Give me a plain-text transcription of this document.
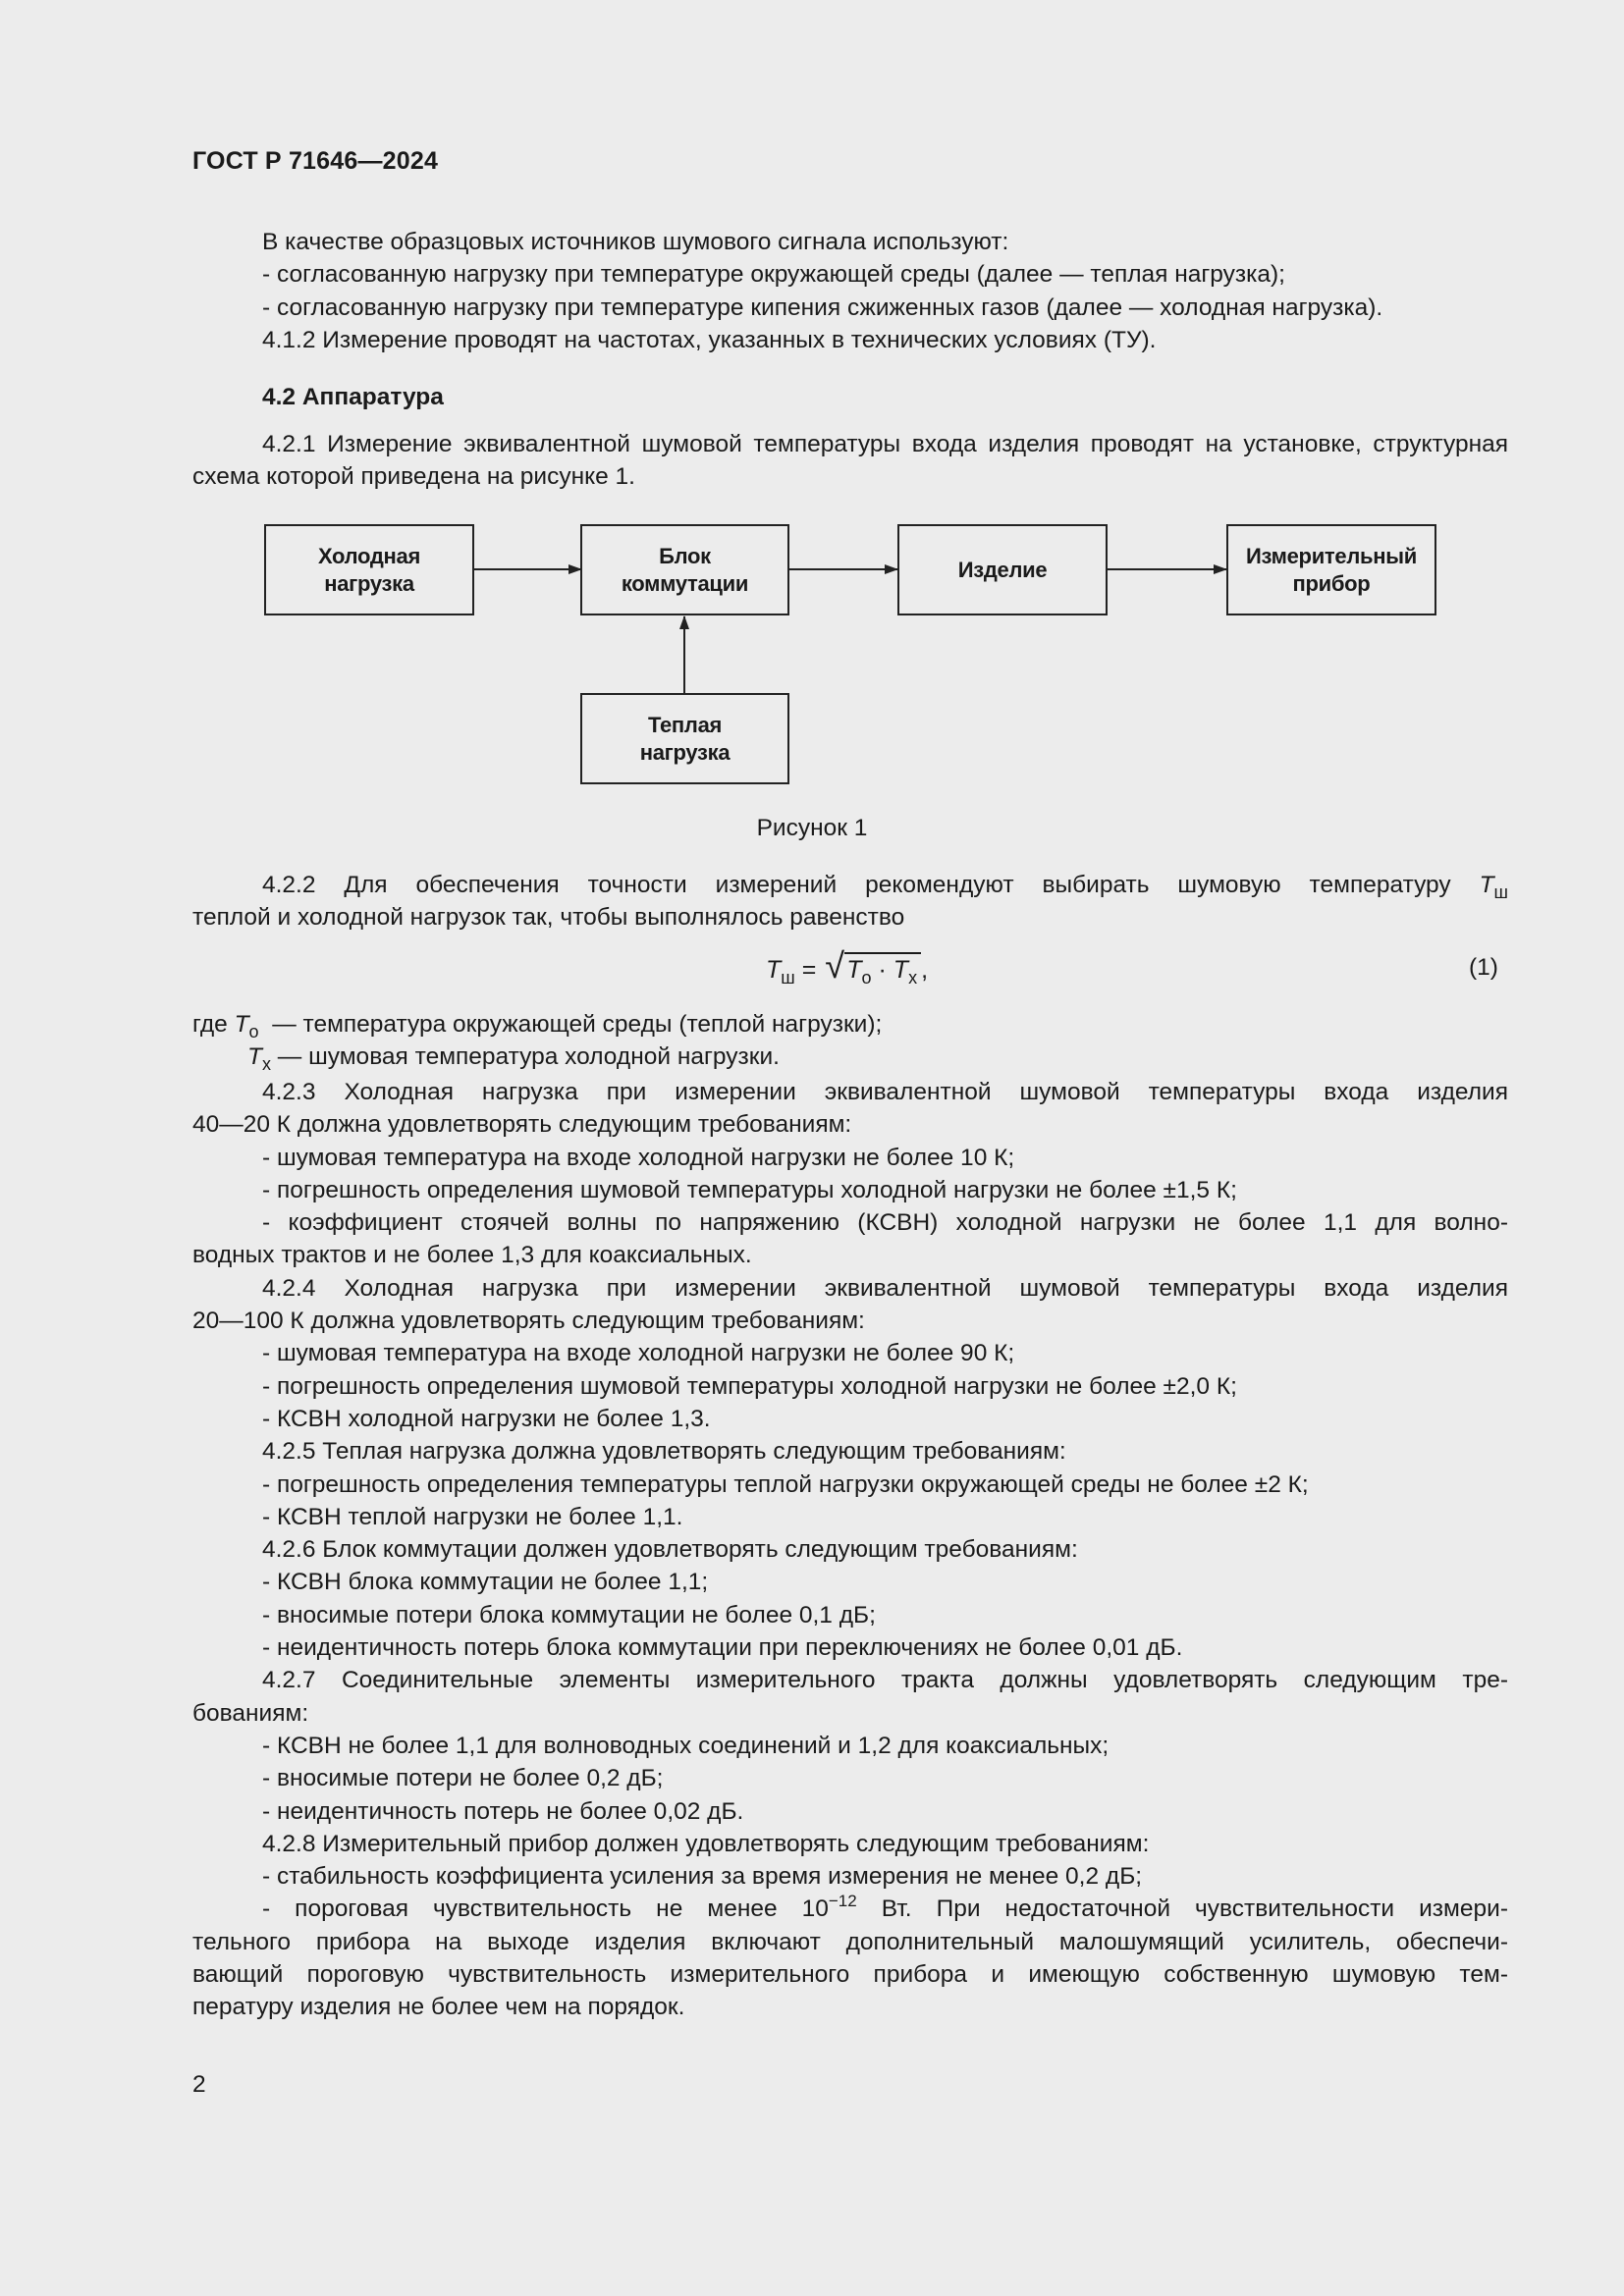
ГОСТ Р 71646—2024

В качестве образцовых источников шумового сигнала используют:

- согласованную нагрузку при температуре окружающей среды (далее — теплая нагрузка);

- согласованную нагрузку при температуре кипения сжиженных газов (далее — холодная нагрузка).

4.1.2 Измерение проводят на частотах, указанных в технических условиях (ТУ).

4.2 Аппаратура

4.2.1 Измерение эквивалентной шумовой температуры входа изделия проводят на установке, структурная схема которой приведена на рисунке 1.

Холодная
нагрузка
Блок
коммутации
Изделие
Измерительный
прибор
Теплая
нагрузка
Рисунок 1

4.2.2 Для обеспечения точности измерений рекомендуют выбирать шумовую температуру $T_ш$

теплой и холодной нагрузок так, чтобы выполнялось равенство

$T_ш$ = √ $T_о \cdot T_х$ ,	(1)

где $T_о$ — температура окружающей среды (теплой нагрузки);

$T_х$ — шумовая температура холодной нагрузки.

4.2.3 Холодная нагрузка при измерении эквивалентной шумовой температуры входа изделия

40—20 К должна удовлетворять следующим требованиям:

- шумовая температура на входе холодной нагрузки не более 10 К;

- погрешность определения шумовой температуры холодной нагрузки не более ±1,5 К;

- коэффициент стоячей волны по напряжению (КСВН) холодной нагрузки не более 1,1 для волно-

водных трактов и не более 1,3 для коаксиальных.

4.2.4 Холодная нагрузка при измерении эквивалентной шумовой температуры входа изделия

20—100 К должна удовлетворять следующим требованиям:

- шумовая температура на входе холодной нагрузки не более 90 К;

- погрешность определения шумовой температуры холодной нагрузки не более ±2,0 К;

- КСВН холодной нагрузки не более 1,3.

4.2.5 Теплая нагрузка должна удовлетворять следующим требованиям:

- погрешность определения температуры теплой нагрузки окружающей среды не более ±2 К;

- КСВН теплой нагрузки не более 1,1.

4.2.6 Блок коммутации должен удовлетворять следующим требованиям:

- КСВН блока коммутации не более 1,1;

- вносимые потери блока коммутации не более 0,1 дБ;

- неидентичность потерь блока коммутации при переключениях не более 0,01 дБ.

4.2.7 Соединительные элементы измерительного тракта должны удовлетворять следующим тре-

бованиям:

- КСВН не более 1,1 для волноводных соединений и 1,2 для коаксиальных;

- вносимые потери не более 0,2 дБ;

- неидентичность потерь не более 0,02 дБ.

4.2.8 Измерительный прибор должен удовлетворять следующим требованиям:

- стабильность коэффициента усиления за время измерения не менее 0,2 дБ;

- пороговая чувствительность не менее $10^{-12}$ Вт. При недостаточной чувствительности измери-

тельного прибора на выходе изделия включают дополнительный малошумящий усилитель, обеспечи-

вающий пороговую чувствительность измерительного прибора и имеющую собственную шумовую тем-

пературу изделия не более чем на порядок.

2
